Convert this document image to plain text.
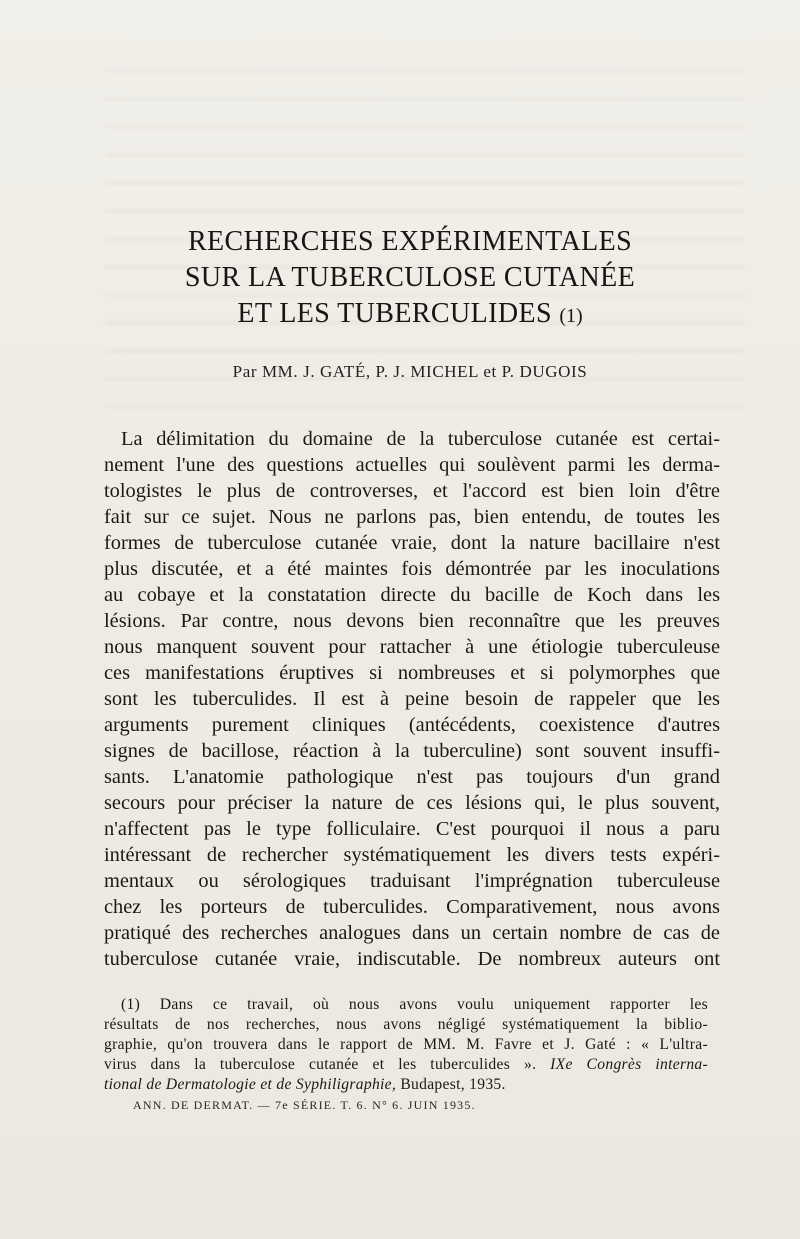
RECHERCHES EXPÉRIMENTALES
SUR LA TUBERCULOSE CUTANÉE
ET LES TUBERCULIDES (1)
Par MM. J. GATÉ, P. J. MICHEL et P. DUGOIS
La délimitation du domaine de la tuberculose cutanée est certai-
nement l'une des questions actuelles qui soulèvent parmi les derma-
tologistes le plus de controverses, et l'accord est bien loin d'être
fait sur ce sujet. Nous ne parlons pas, bien entendu, de toutes les
formes de tuberculose cutanée vraie, dont la nature bacillaire n'est
plus discutée, et a été maintes fois démontrée par les inoculations
au cobaye et la constatation directe du bacille de Koch dans les
lésions. Par contre, nous devons bien reconnaître que les preuves
nous manquent souvent pour rattacher à une étiologie tuberculeuse
ces manifestations éruptives si nombreuses et si polymorphes que
sont les tuberculides. Il est à peine besoin de rappeler que les
arguments purement cliniques (antécédents, coexistence d'autres
signes de bacillose, réaction à la tuberculine) sont souvent insuffi-
sants. L'anatomie pathologique n'est pas toujours d'un grand
secours pour préciser la nature de ces lésions qui, le plus souvent,
n'affectent pas le type folliculaire. C'est pourquoi il nous a paru
intéressant de rechercher systématiquement les divers tests expéri-
mentaux ou sérologiques traduisant l'imprégnation tuberculeuse
chez les porteurs de tuberculides. Comparativement, nous avons
pratiqué des recherches analogues dans un certain nombre de cas de
tuberculose cutanée vraie, indiscutable. De nombreux auteurs ont
(1) Dans ce travail, où nous avons voulu uniquement rapporter les
résultats de nos recherches, nous avons négligé systématiquement la biblio-
graphie, qu'on trouvera dans le rapport de MM. M. Favre et J. Gaté : « L'ultra-
virus dans la tuberculose cutanée et les tuberculides ». IXe Congrès interna-
tional de Dermatologie et de Syphiligraphie, Budapest, 1935.
ANN. DE DERMAT. — 7e SÉRIE. T. 6. N° 6. JUIN 1935.
